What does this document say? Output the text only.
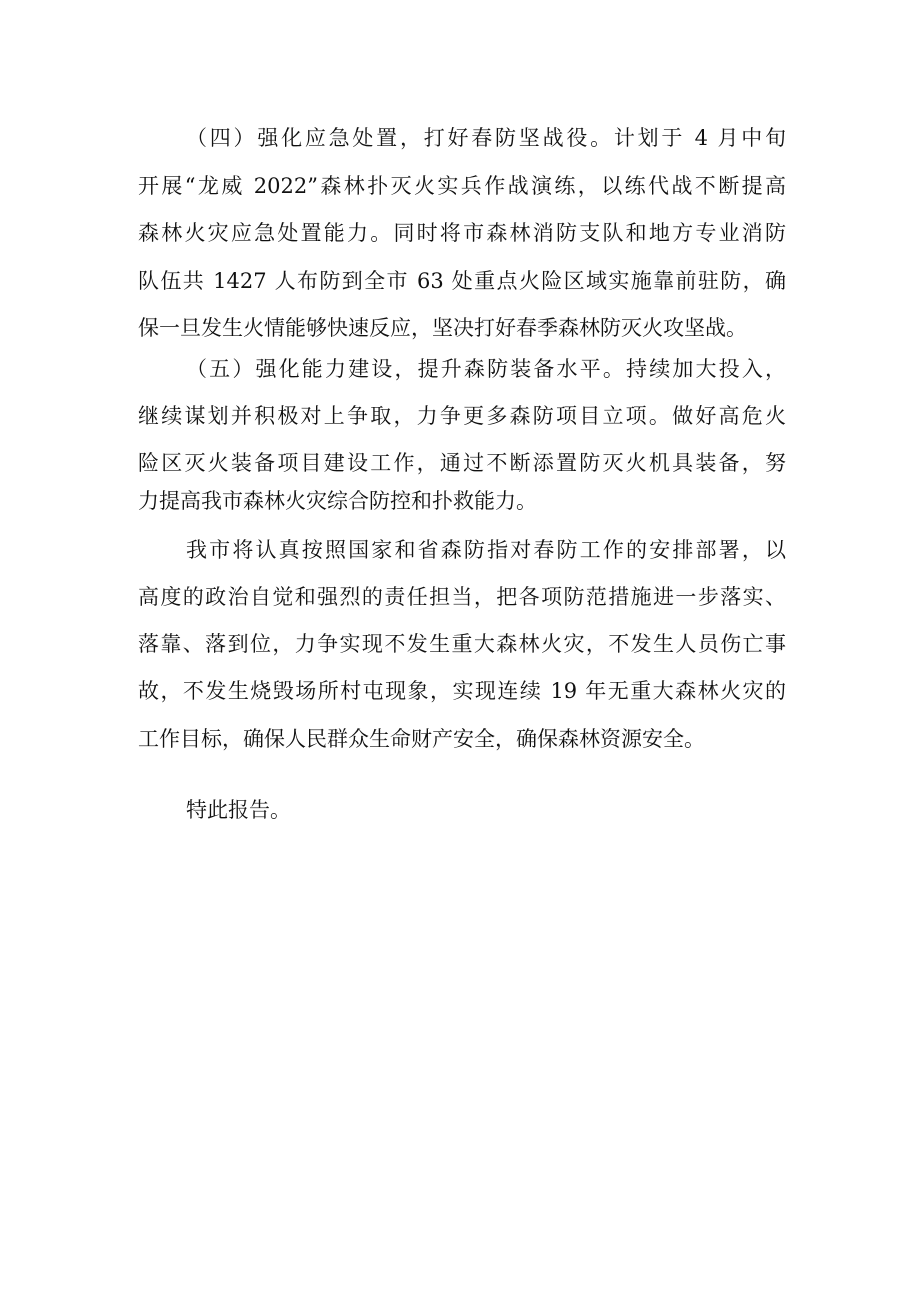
（四）强化应急处置，打好春防坚战役。计划于 4 月中旬

开展“龙威 2022”森林扑灭火实兵作战演练，以练代战不断提高

森林火灾应急处置能力。同时将市森林消防支队和地方专业消防

队伍共 1427 人布防到全市 63 处重点火险区域实施靠前驻防，确

保一旦发生火情能够快速反应，坚决打好春季森林防灭火攻坚战。

（五）强化能力建设，提升森防装备水平。持续加大投入，

继续谋划并积极对上争取，力争更多森防项目立项。做好高危火

险区灭火装备项目建设工作，通过不断添置防灭火机具装备，努

力提高我市森林火灾综合防控和扑救能力。

我市将认真按照国家和省森防指对春防工作的安排部署，以

高度的政治自觉和强烈的责任担当，把各项防范措施进一步落实、

落靠、落到位，力争实现不发生重大森林火灾，不发生人员伤亡事

故，不发生烧毁场所村屯现象，实现连续 19 年无重大森林火灾的

工作目标，确保人民群众生命财产安全，确保森林资源安全。

特此报告。
